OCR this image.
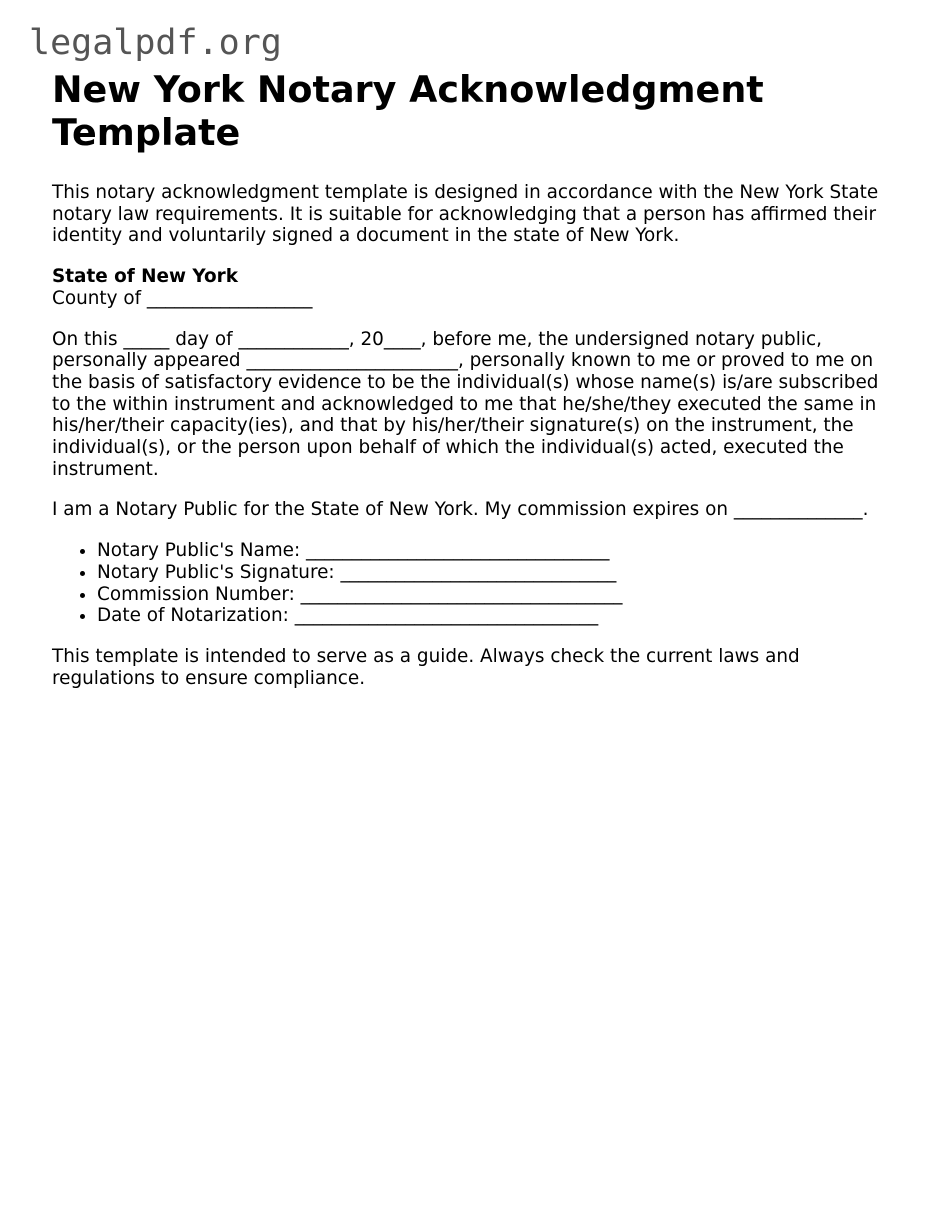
legalpdf.org
New York Notary Acknowledgment Template

This notary acknowledgment template is designed in accordance with the New York State notary law requirements. It is suitable for acknowledging that a person has affirmed their identity and voluntarily signed a document in the state of New York.

State of New York
County of __________________

On this _____ day of ____________, 20____, before me, the undersigned notary public, personally appeared _______________________, personally known to me or proved to me on the basis of satisfactory evidence to be the individual(s) whose name(s) is/are subscribed to the within instrument and acknowledged to me that he/she/they executed the same in his/her/their capacity(ies), and that by his/her/their signature(s) on the instrument, the individual(s), or the person upon behalf of which the individual(s) acted, executed the instrument.

I am a Notary Public for the State of New York. My commission expires on ______________.

• Notary Public's Name: _________________________________
• Notary Public's Signature: ______________________________
• Commission Number: ___________________________________
• Date of Notarization: _________________________________

This template is intended to serve as a guide. Always check the current laws and regulations to ensure compliance.
